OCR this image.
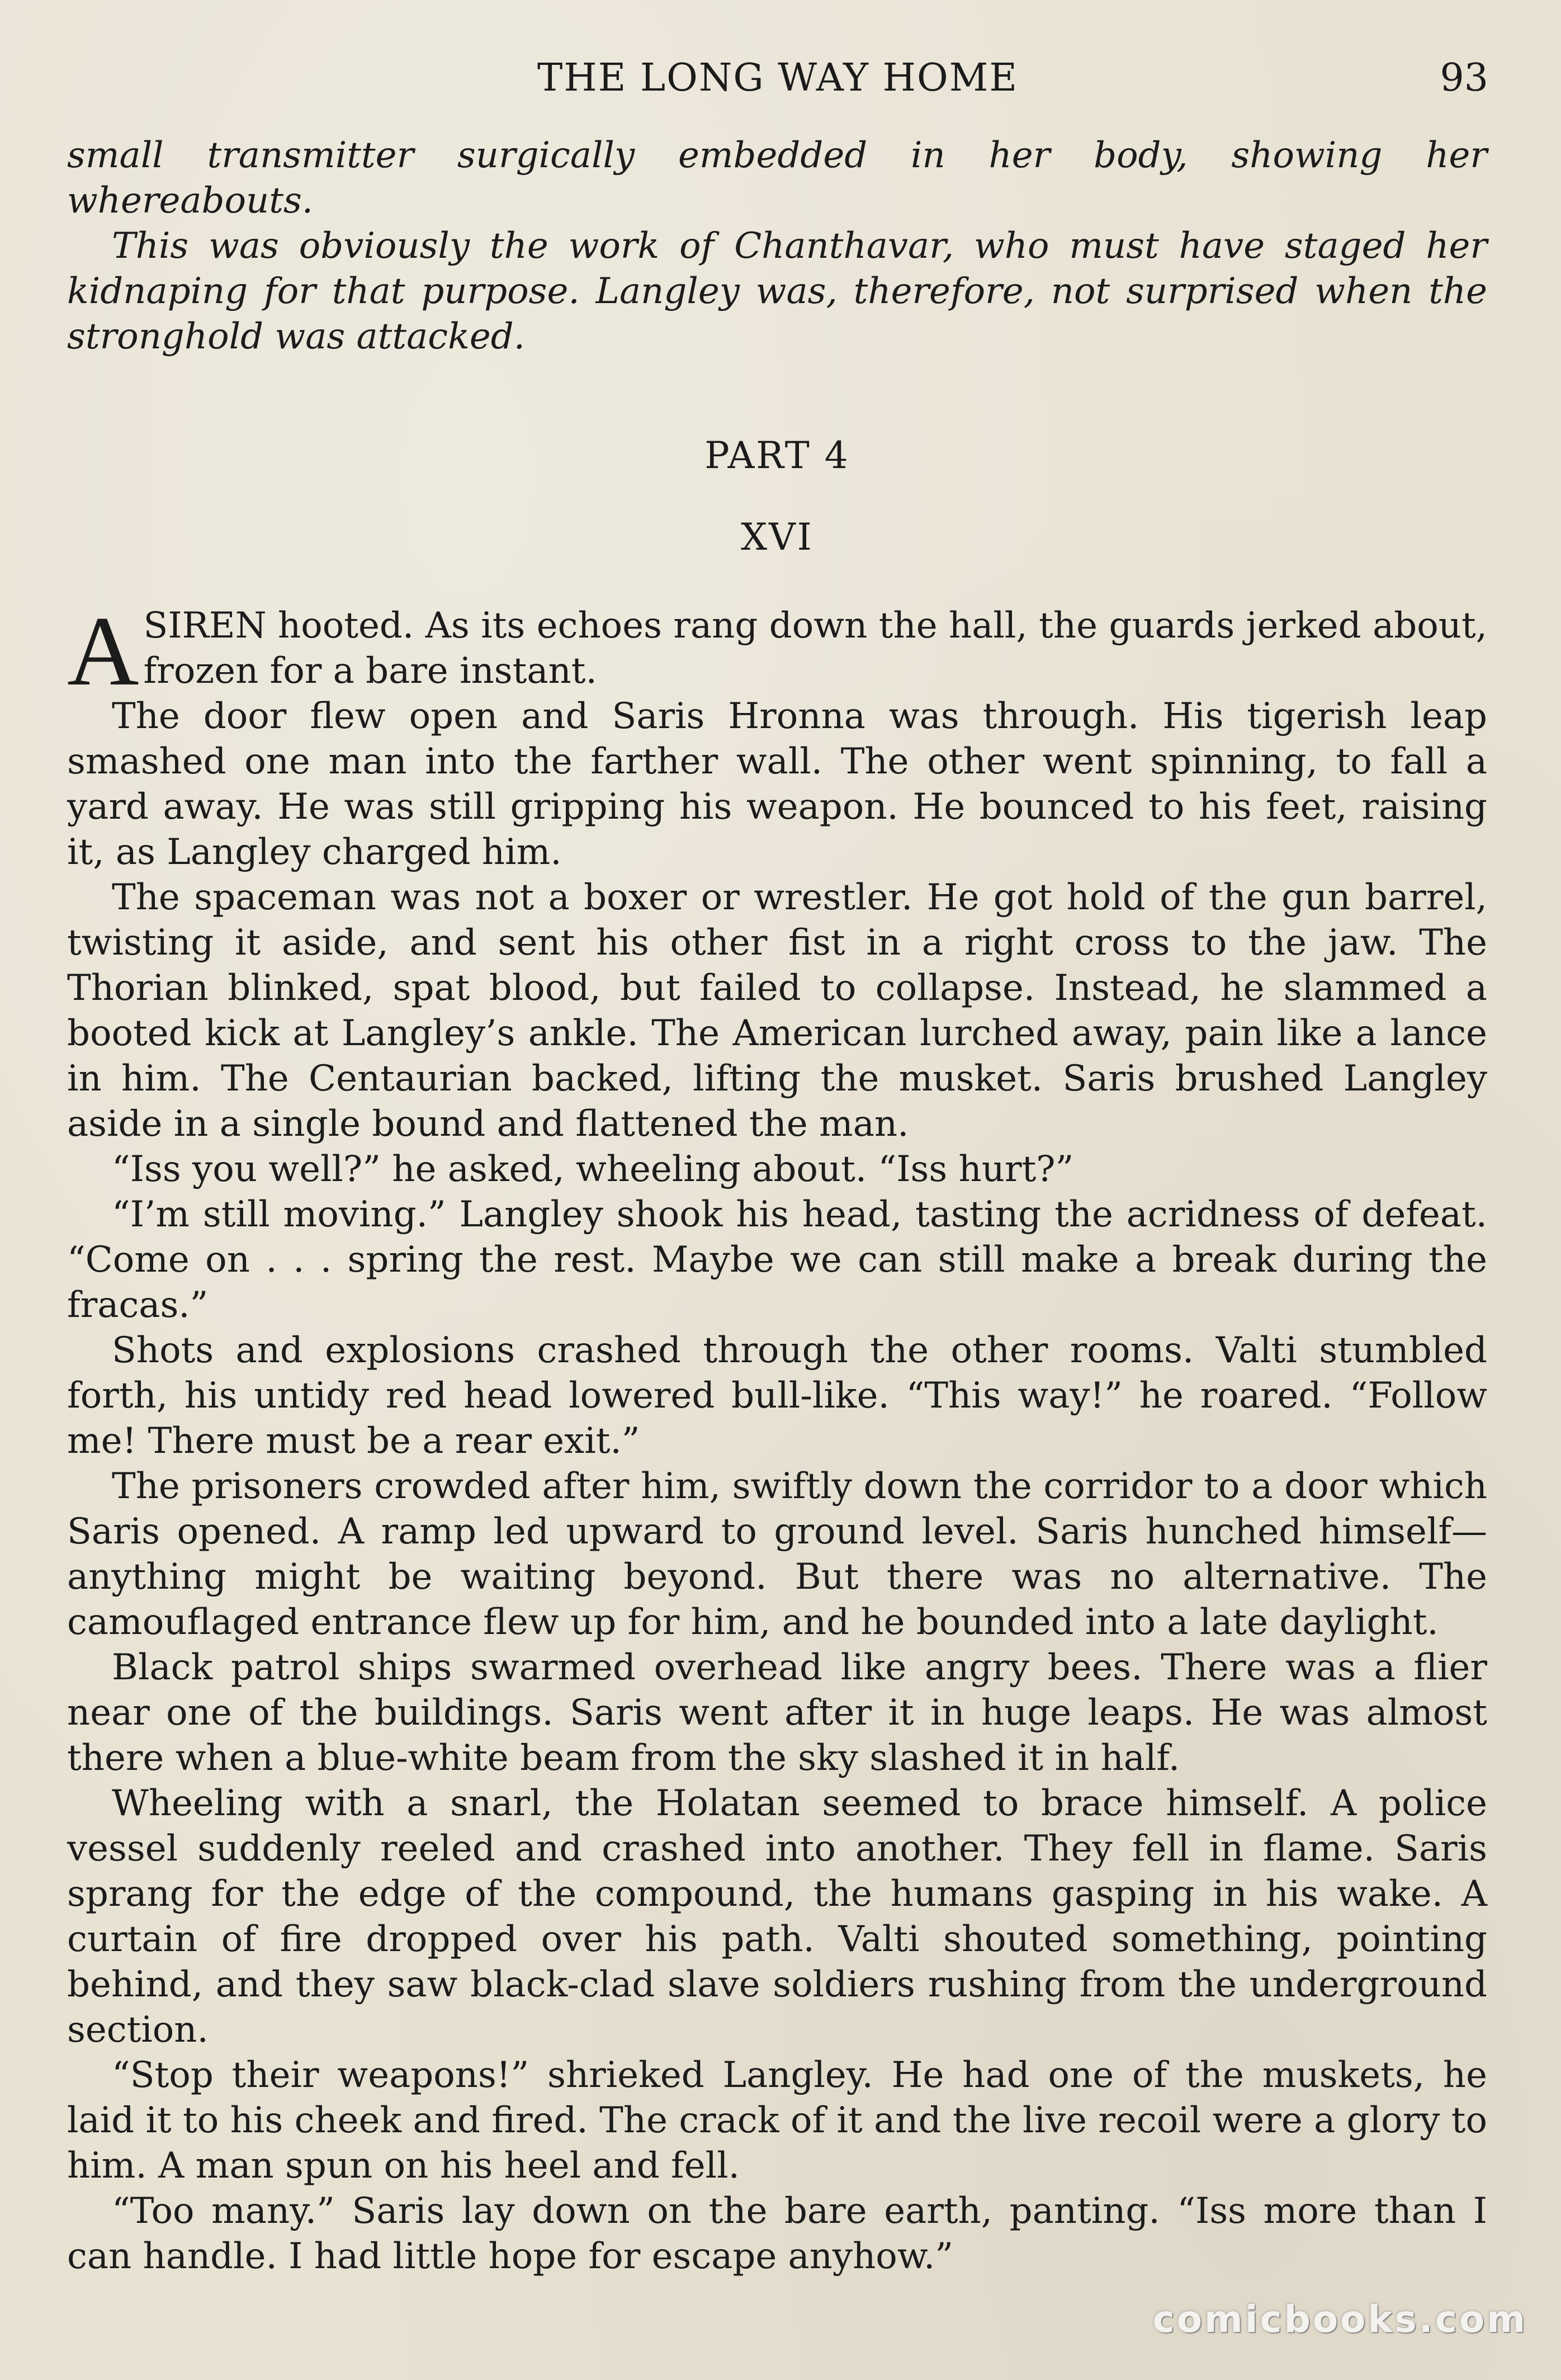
THE LONG WAY HOME	93

small transmitter surgically embedded in her body, showing her whereabouts.

This was obviously the work of Chanthavar, who must have staged her kidnaping for that purpose. Langley was, therefore, not surprised when the stronghold was attacked.

PART 4
XVI

ASIREN hooted. As its echoes rang down the hall, the guards jerked about, frozen for a bare instant.

The door flew open and Saris Hronna was through. His tigerish leap smashed one man into the farther wall. The other went spinning, to fall a yard away. He was still gripping his weapon. He bounced to his feet, raising it, as Langley charged him.

The spaceman was not a boxer or wrestler. He got hold of the gun barrel, twisting it aside, and sent his other fist in a right cross to the jaw. The Thorian blinked, spat blood, but failed to collapse. Instead, he slammed a booted kick at Langley’s ankle. The American lurched away, pain like a lance in him. The Centaurian backed, lifting the musket. Saris brushed Langley aside in a single bound and flattened the man.

“Iss you well?” he asked, wheeling about. “Iss hurt?”

“I’m still moving.” Langley shook his head, tasting the acridness of defeat. “Come on . . . spring the rest. Maybe we can still make a break during the fracas.”

Shots and explosions crashed through the other rooms. Valti stumbled forth, his untidy red head lowered bull-like. “This way!” he roared. “Follow me! There must be a rear exit.”

The prisoners crowded after him, swiftly down the corridor to a door which Saris opened. A ramp led upward to ground level. Saris hunched himself—anything might be waiting beyond. But there was no alternative. The camouflaged entrance flew up for him, and he bounded into a late daylight.

Black patrol ships swarmed overhead like angry bees. There was a flier near one of the buildings. Saris went after it in huge leaps. He was almost there when a blue-white beam from the sky slashed it in half.

Wheeling with a snarl, the Holatan seemed to brace himself. A police vessel suddenly reeled and crashed into another. They fell in flame. Saris sprang for the edge of the compound, the humans gasping in his wake. A curtain of fire dropped over his path. Valti shouted something, pointing behind, and they saw black-clad slave soldiers rushing from the underground section.

“Stop their weapons!” shrieked Langley. He had one of the muskets, he laid it to his cheek and fired. The crack of it and the live recoil were a glory to him. A man spun on his heel and fell.

“Too many.” Saris lay down on the bare earth, panting. “Iss more than I can handle. I had little hope for escape anyhow.”

comicbooks.com
